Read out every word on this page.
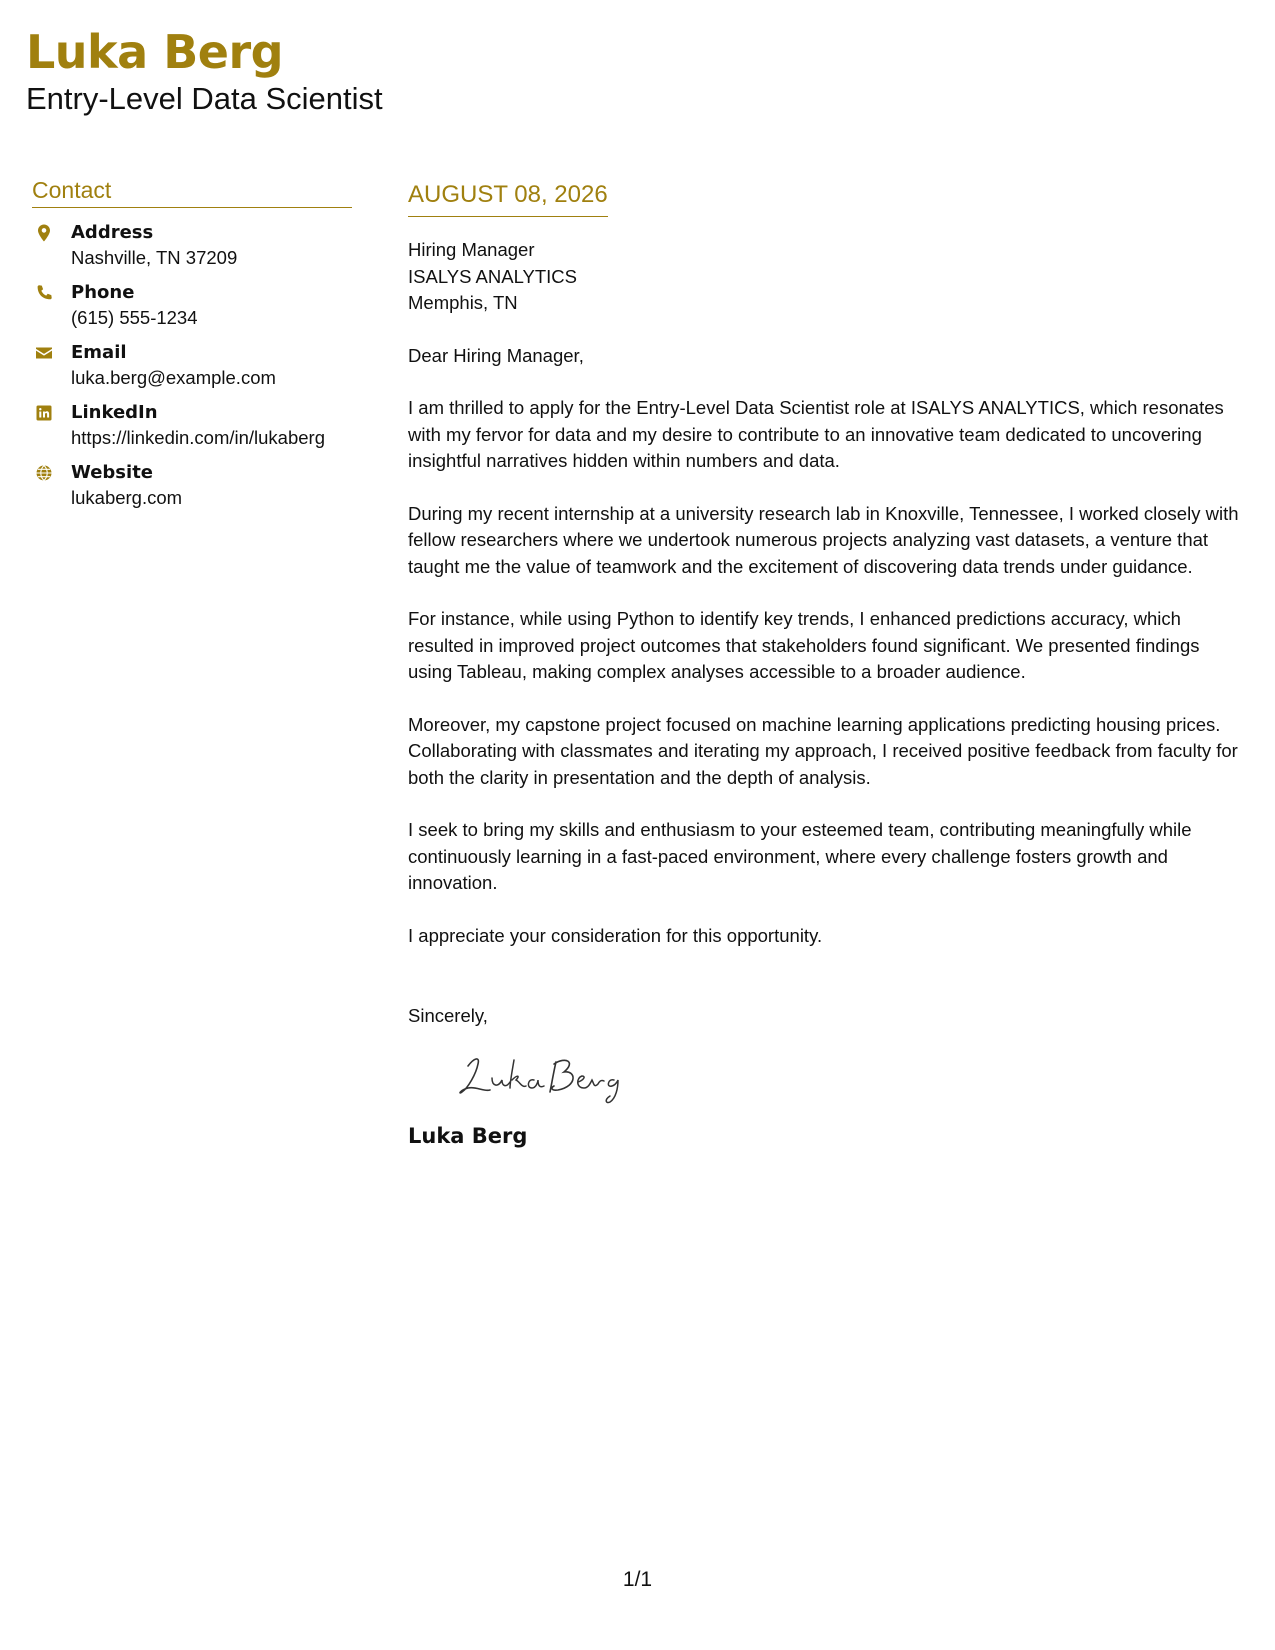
Luka Berg
Entry-Level Data Scientist
Contact
Address
Nashville, TN 37209
Phone
(615) 555-1234
Email
luka.berg@example.com
LinkedIn
https://linkedin.com/in/lukaberg
Website
lukaberg.com
AUGUST 08, 2026
Hiring Manager
ISALYS ANALYTICS
Memphis, TN
Dear Hiring Manager,
I am thrilled to apply for the Entry-Level Data Scientist role at ISALYS ANALYTICS, which resonates with my fervor for data and my desire to contribute to an innovative team dedicated to uncovering insightful narratives hidden within numbers and data.
During my recent internship at a university research lab in Knoxville, Tennessee, I worked closely with fellow researchers where we undertook numerous projects analyzing vast datasets, a venture that taught me the value of teamwork and the excitement of discovering data trends under guidance.
For instance, while using Python to identify key trends, I enhanced predictions accuracy, which resulted in improved project outcomes that stakeholders found significant. We presented findings using Tableau, making complex analyses accessible to a broader audience.
Moreover, my capstone project focused on machine learning applications predicting housing prices. Collaborating with classmates and iterating my approach, I received positive feedback from faculty for both the clarity in presentation and the depth of analysis.
I seek to bring my skills and enthusiasm to your esteemed team, contributing meaningfully while continuously learning in a fast-paced environment, where every challenge fosters growth and innovation.
I appreciate your consideration for this opportunity.
Sincerely,
Luka Berg
1/1
